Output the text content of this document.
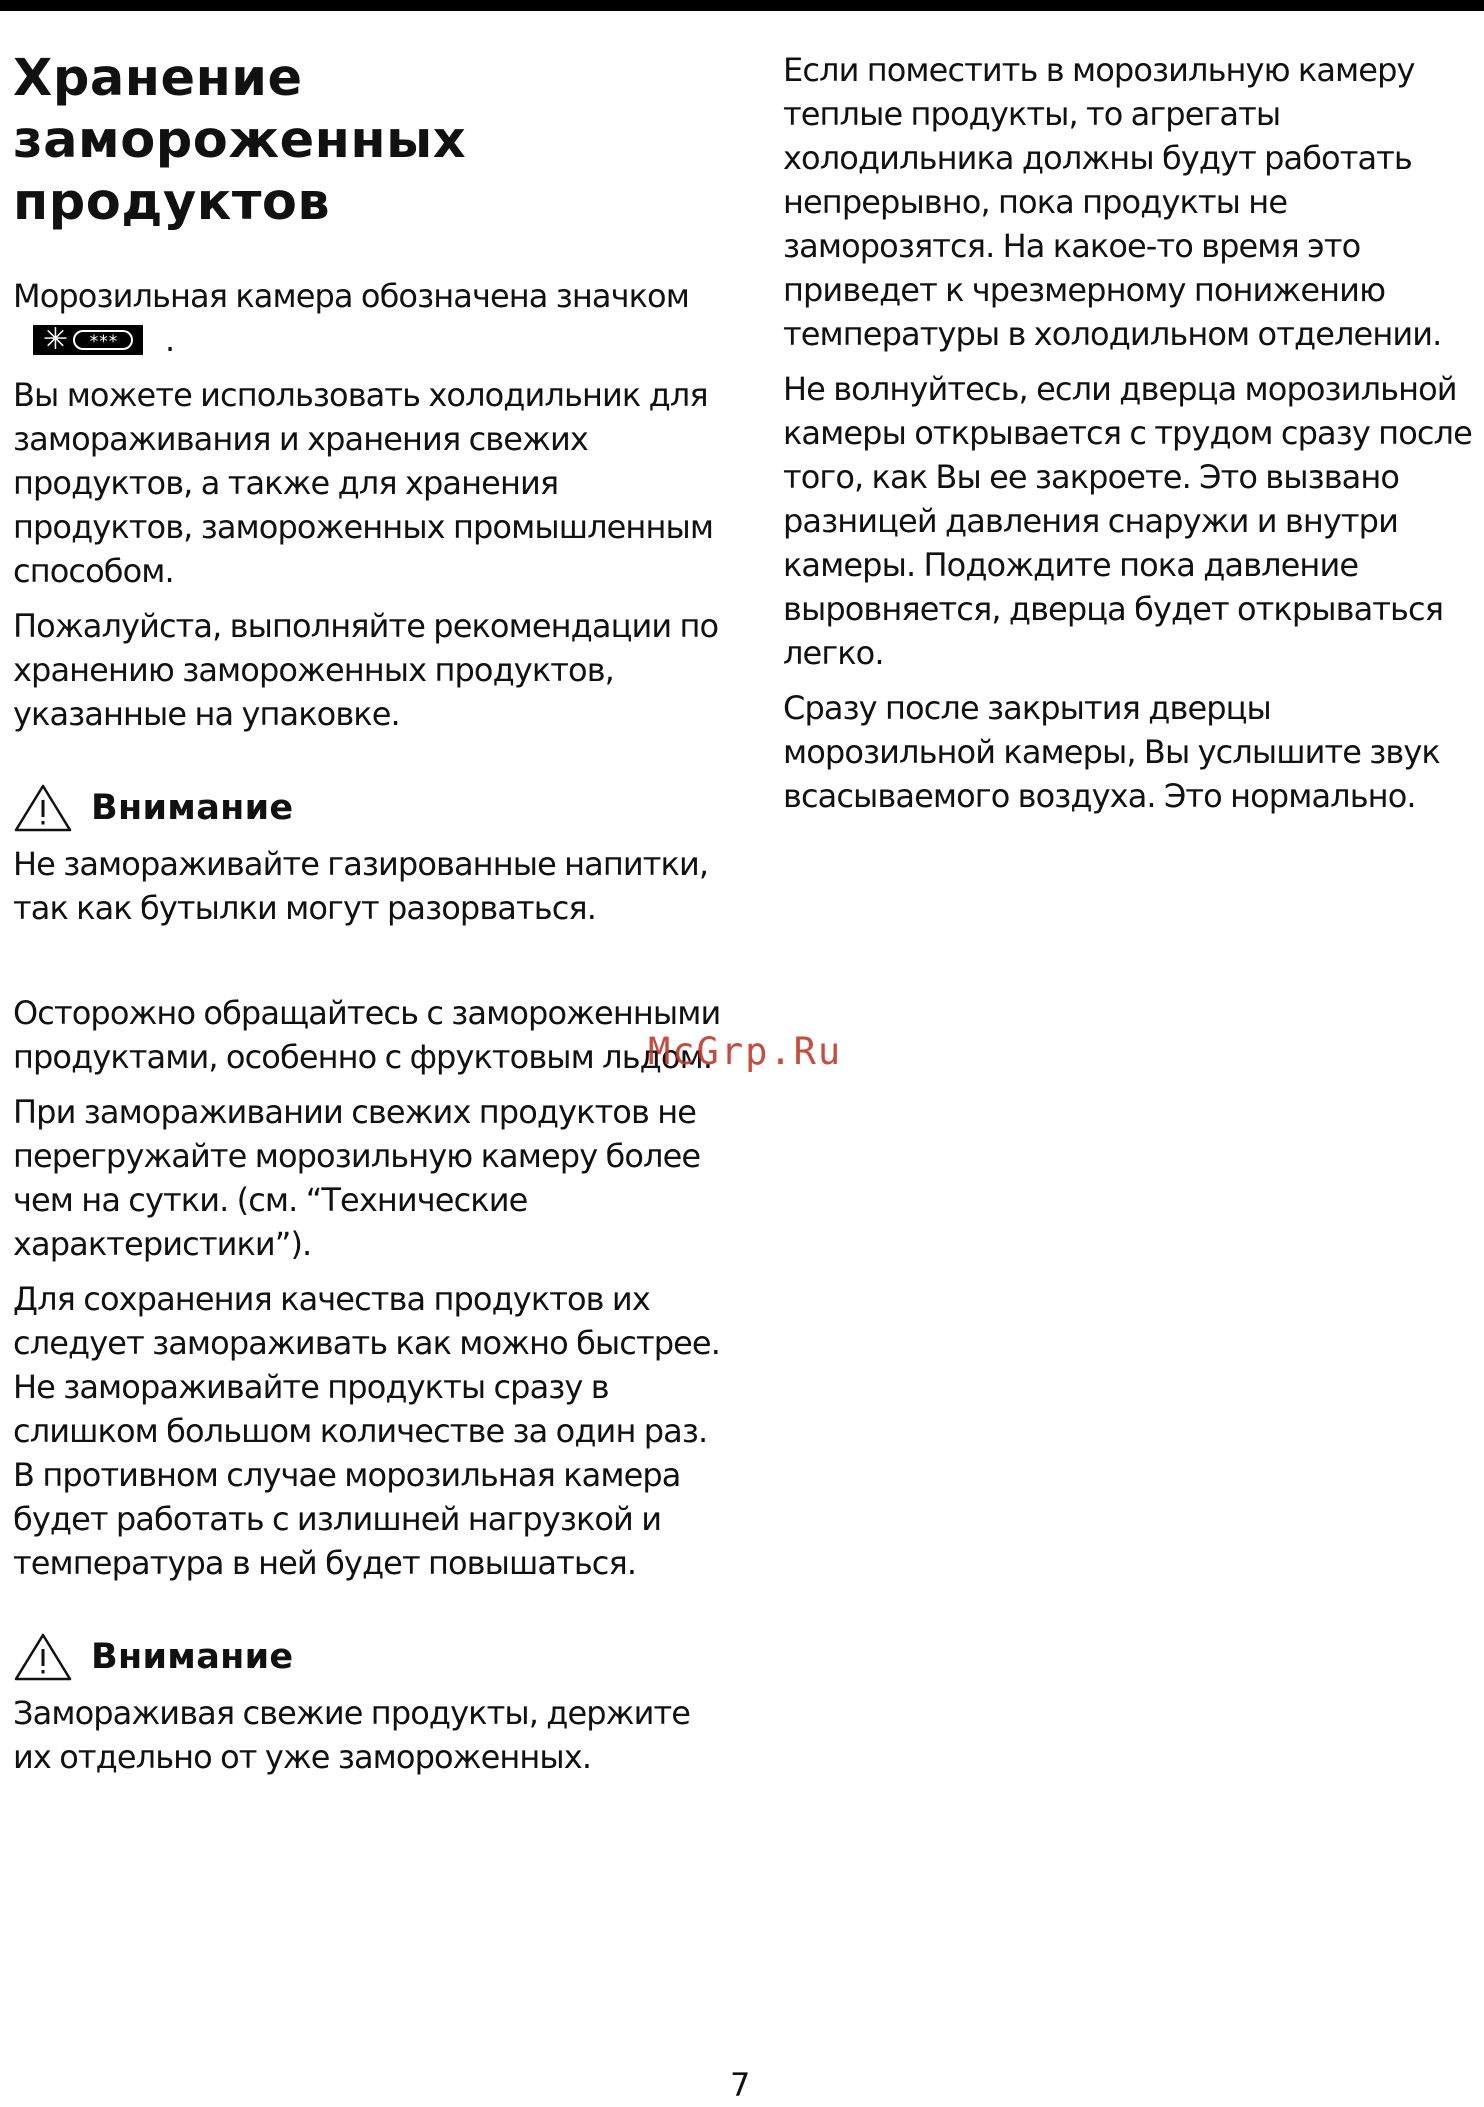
Хранение
замороженных
продуктов

Морозильная камера обозначена значком
✳	***	.

Вы можете использовать холодильник для замораживания и хранения свежих продуктов, а также для хранения продуктов, замороженных промышленным способом.

Пожалуйста, выполняйте рекомендации по хранению замороженных продуктов, указанные на упаковке.

Внимание

Не замораживайте газированные напитки, так как бутылки могут разорваться.

Осторожно обращайтесь с замороженными продуктами, особенно с фруктовым льдом.

При замораживании свежих продуктов не перегружайте морозильную камеру более чем на сутки. (см. “Технические характеристики”).

Для сохранения качества продуктов их следует замораживать как можно быстрее. Не замораживайте продукты сразу в слишком большом количестве за один раз. В противном случае морозильная камера будет работать с излишней нагрузкой и температура в ней будет повышаться.

Внимание

Замораживая свежие продукты, держите их отдельно от уже замороженных.

Если поместить в морозильную камеру теплые продукты, то агрегаты холодильника должны будут работать непрерывно, пока продукты не заморозятся. На какое-то время это приведет к чрезмерному понижению температуры в холодильном отделении.

Не волнуйтесь, если дверца морозильной камеры открывается с трудом сразу после того, как Вы ее закроете. Это вызвано разницей давления снаружи и внутри камеры. Подождите пока давление выровняется, дверца будет открываться легко.

Сразу после закрытия дверцы морозильной камеры, Вы услышите звук всасываемого воздуха. Это нормально.

McGrp.Ru
7
